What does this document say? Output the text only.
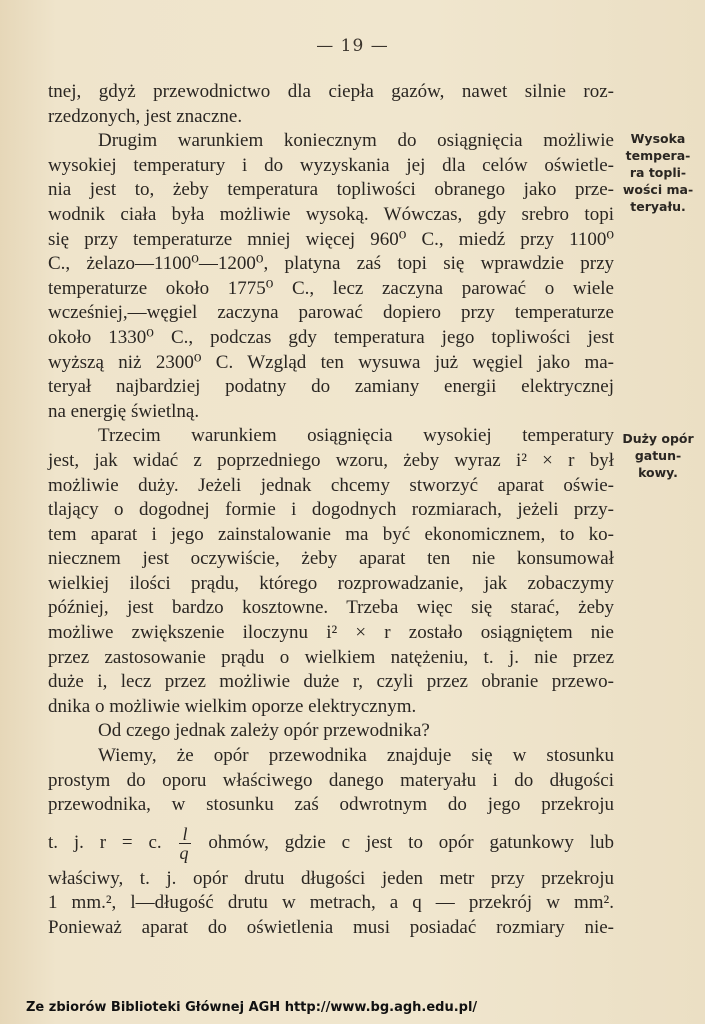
— 19 —
tnej, gdyż przewodnictwo dla ciepła gazów, nawet silnie roz-
rzedzonych, jest znaczne.
Drugim warunkiem koniecznym do osiągnięcia możliwie
wysokiej temperatury i do wyzyskania jej dla celów oświetle-
nia jest to, żeby temperatura topliwości obranego jako prze-
wodnik ciała była możliwie wysoką. Wówczas, gdy srebro topi
się przy temperaturze mniej więcej 960⁰ C., miedź przy 1100⁰
C., żelazo—1100⁰—1200⁰, platyna zaś topi się wprawdzie przy
temperaturze około 1775⁰ C., lecz zaczyna parować o wiele
wcześniej,—węgiel zaczyna parować dopiero przy temperaturze
około 1330⁰ C., podczas gdy temperatura jego topliwości jest
wyższą niż 2300⁰ C. Wzgląd ten wysuwa już węgiel jako ma-
teryał najbardziej podatny do zamiany energii elektrycznej
na energię świetlną.
Trzecim warunkiem osiągnięcia wysokiej temperatury
jest, jak widać z poprzedniego wzoru, żeby wyraz i² × r był
możliwie duży. Jeżeli jednak chcemy stworzyć aparat oświe-
tlający o dogodnej formie i dogodnych rozmiarach, jeżeli przy-
tem aparat i jego zainstalowanie ma być ekonomicznem, to ko-
niecznem jest oczywiście, żeby aparat ten nie konsumował
wielkiej ilości prądu, którego rozprowadzanie, jak zobaczymy
później, jest bardzo kosztowne. Trzeba więc się starać, żeby
możliwe zwiększenie iloczynu i² × r zostało osiągniętem nie
przez zastosowanie prądu o wielkiem natężeniu, t. j. nie przez
duże i, lecz przez możliwie duże r, czyli przez obranie przewo-
dnika o możliwie wielkim oporze elektrycznym.
Od czego jednak zależy opór przewodnika?
Wiemy, że opór przewodnika znajduje się w stosunku
prostym do oporu właściwego danego materyału i do długości
przewodnika, w stosunku zaś odwrotnym do jego przekroju
t. j. r = c. $\frac{l}{q}$ ohmów, gdzie c jest to opór gatunkowy lub
właściwy, t. j. opór drutu długości jeden metr przy przekroju
1 mm.², l—długość drutu w metrach, a q — przekrój w mm².
Ponieważ aparat do oświetlenia musi posiadać rozmiary nie-
Wysoka
tempera-
ra topli-
wości ma-
teryału.
Duży opór
gatun-
kowy.
Ze zbiorów Biblioteki Głównej AGH http://www.bg.agh.edu.pl/
